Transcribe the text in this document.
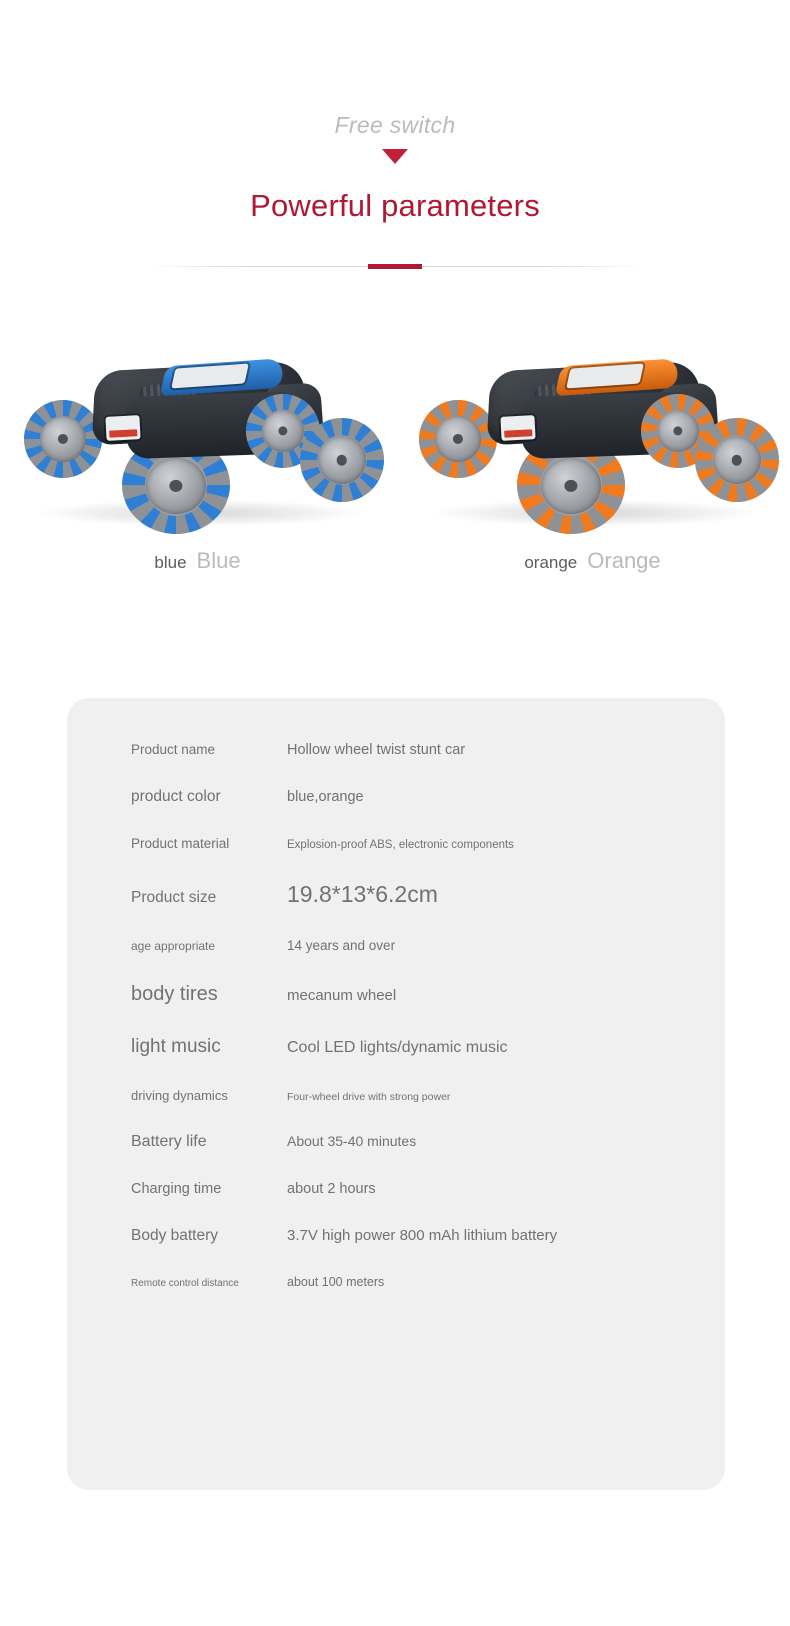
Free switch
Powerful parameters
blue Blue	orange Orange
Product name	Hollow wheel twist stunt car
product color	blue,orange
Product material	Explosion-proof ABS, electronic components
Product size	19.8*13*6.2cm
age appropriate	14 years and over
body tires	mecanum wheel
light music	Cool LED lights/dynamic music
driving dynamics	Four-wheel drive with strong power
Battery life	About 35-40 minutes
Charging time	about 2 hours
Body battery	3.7V high power 800 mAh lithium battery
Remote control distance	about 100 meters
